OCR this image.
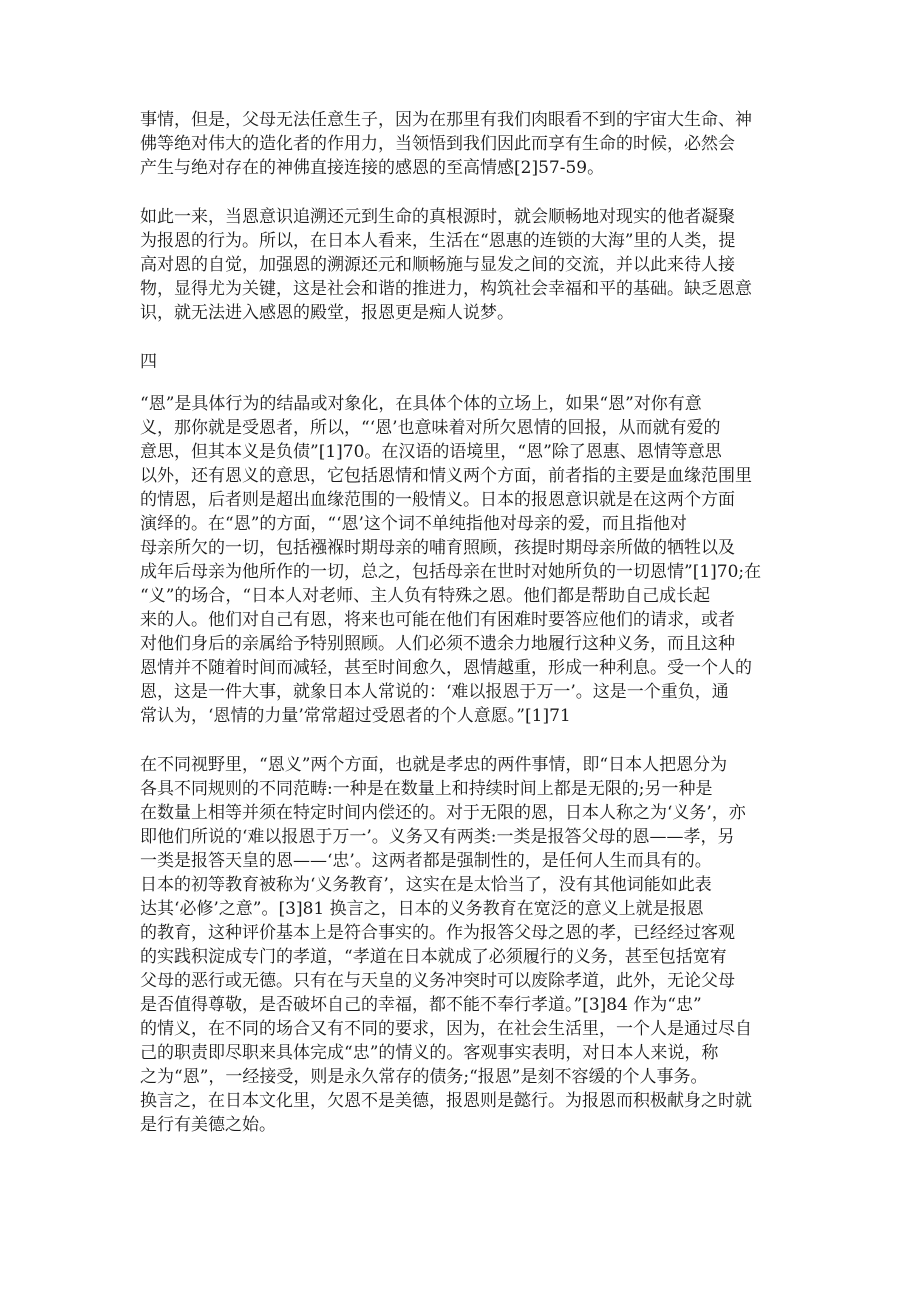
事情，但是，父母无法任意生子，因为在那里有我们肉眼看不到的宇宙大生命、神
佛等绝对伟大的造化者的作用力，当领悟到我们因此而享有生命的时候，必然会
产生与绝对存在的神佛直接连接的感恩的至高情感[2]57-59。
如此一来，当恩意识追溯还元到生命的真根源时，就会顺畅地对现实的他者凝聚
为报恩的行为。所以，在日本人看来，生活在“恩惠的连锁的大海”里的人类，提
高对恩的自觉，加强恩的溯源还元和顺畅施与显发之间的交流，并以此来待人接
物，显得尤为关键，这是社会和谐的推进力，构筑社会幸福和平的基础。缺乏恩意
识，就无法进入感恩的殿堂，报恩更是痴人说梦。
四
“恩”是具体行为的结晶或对象化，在具体个体的立场上，如果“恩”对你有意
义，那你就是受恩者，所以，“‘恩’也意味着对所欠恩情的回报，从而就有爱的
意思，但其本义是负债”[1]70。在汉语的语境里，“恩”除了恩惠、恩情等意思
以外，还有恩义的意思，它包括恩情和情义两个方面，前者指的主要是血缘范围里
的情恩，后者则是超出血缘范围的一般情义。日本的报恩意识就是在这两个方面
演绎的。在“恩”的方面，“‘恩’这个词不单纯指他对母亲的爱，而且指他对
母亲所欠的一切，包括襁褓时期母亲的哺育照顾，孩提时期母亲所做的牺牲以及
成年后母亲为他所作的一切，总之，包括母亲在世时对她所负的一切恩情”[1]70;在
“义”的场合，“日本人对老师、主人负有特殊之恩。他们都是帮助自己成长起
来的人。他们对自己有恩，将来也可能在他们有困难时要答应他们的请求，或者
对他们身后的亲属给予特别照顾。人们必须不遗余力地履行这种义务，而且这种
恩情并不随着时间而减轻，甚至时间愈久，恩情越重，形成一种利息。受一个人的
恩，这是一件大事，就象日本人常说的：‘难以报恩于万一’。这是一个重负，通
常认为，‘恩情的力量’常常超过受恩者的个人意愿。”[1]71
在不同视野里，“恩义”两个方面，也就是孝忠的两件事情，即“日本人把恩分为
各具不同规则的不同范畴:一种是在数量上和持续时间上都是无限的;另一种是
在数量上相等并须在特定时间内偿还的。对于无限的恩，日本人称之为‘义务’，亦
即他们所说的‘难以报恩于万一’。义务又有两类:一类是报答父母的恩——孝，另
一类是报答天皇的恩——‘忠’。这两者都是强制性的，是任何人生而具有的。
日本的初等教育被称为‘义务教育’，这实在是太恰当了，没有其他词能如此表
达其‘必修’之意”。[3]81 换言之，日本的义务教育在宽泛的意义上就是报恩
的教育，这种评价基本上是符合事实的。作为报答父母之恩的孝，已经经过客观
的实践积淀成专门的孝道，“孝道在日本就成了必须履行的义务，甚至包括宽宥
父母的恶行或无德。只有在与天皇的义务冲突时可以废除孝道，此外，无论父母
是否值得尊敬，是否破坏自己的幸福，都不能不奉行孝道。”[3]84 作为“忠”
的情义，在不同的场合又有不同的要求，因为，在社会生活里，一个人是通过尽自
己的职责即尽职来具体完成“忠”的情义的。客观事实表明，对日本人来说，称
之为“恩”，一经接受，则是永久常存的债务;“报恩”是刻不容缓的个人事务。
换言之，在日本文化里，欠恩不是美德，报恩则是懿行。为报恩而积极献身之时就
是行有美德之始。
